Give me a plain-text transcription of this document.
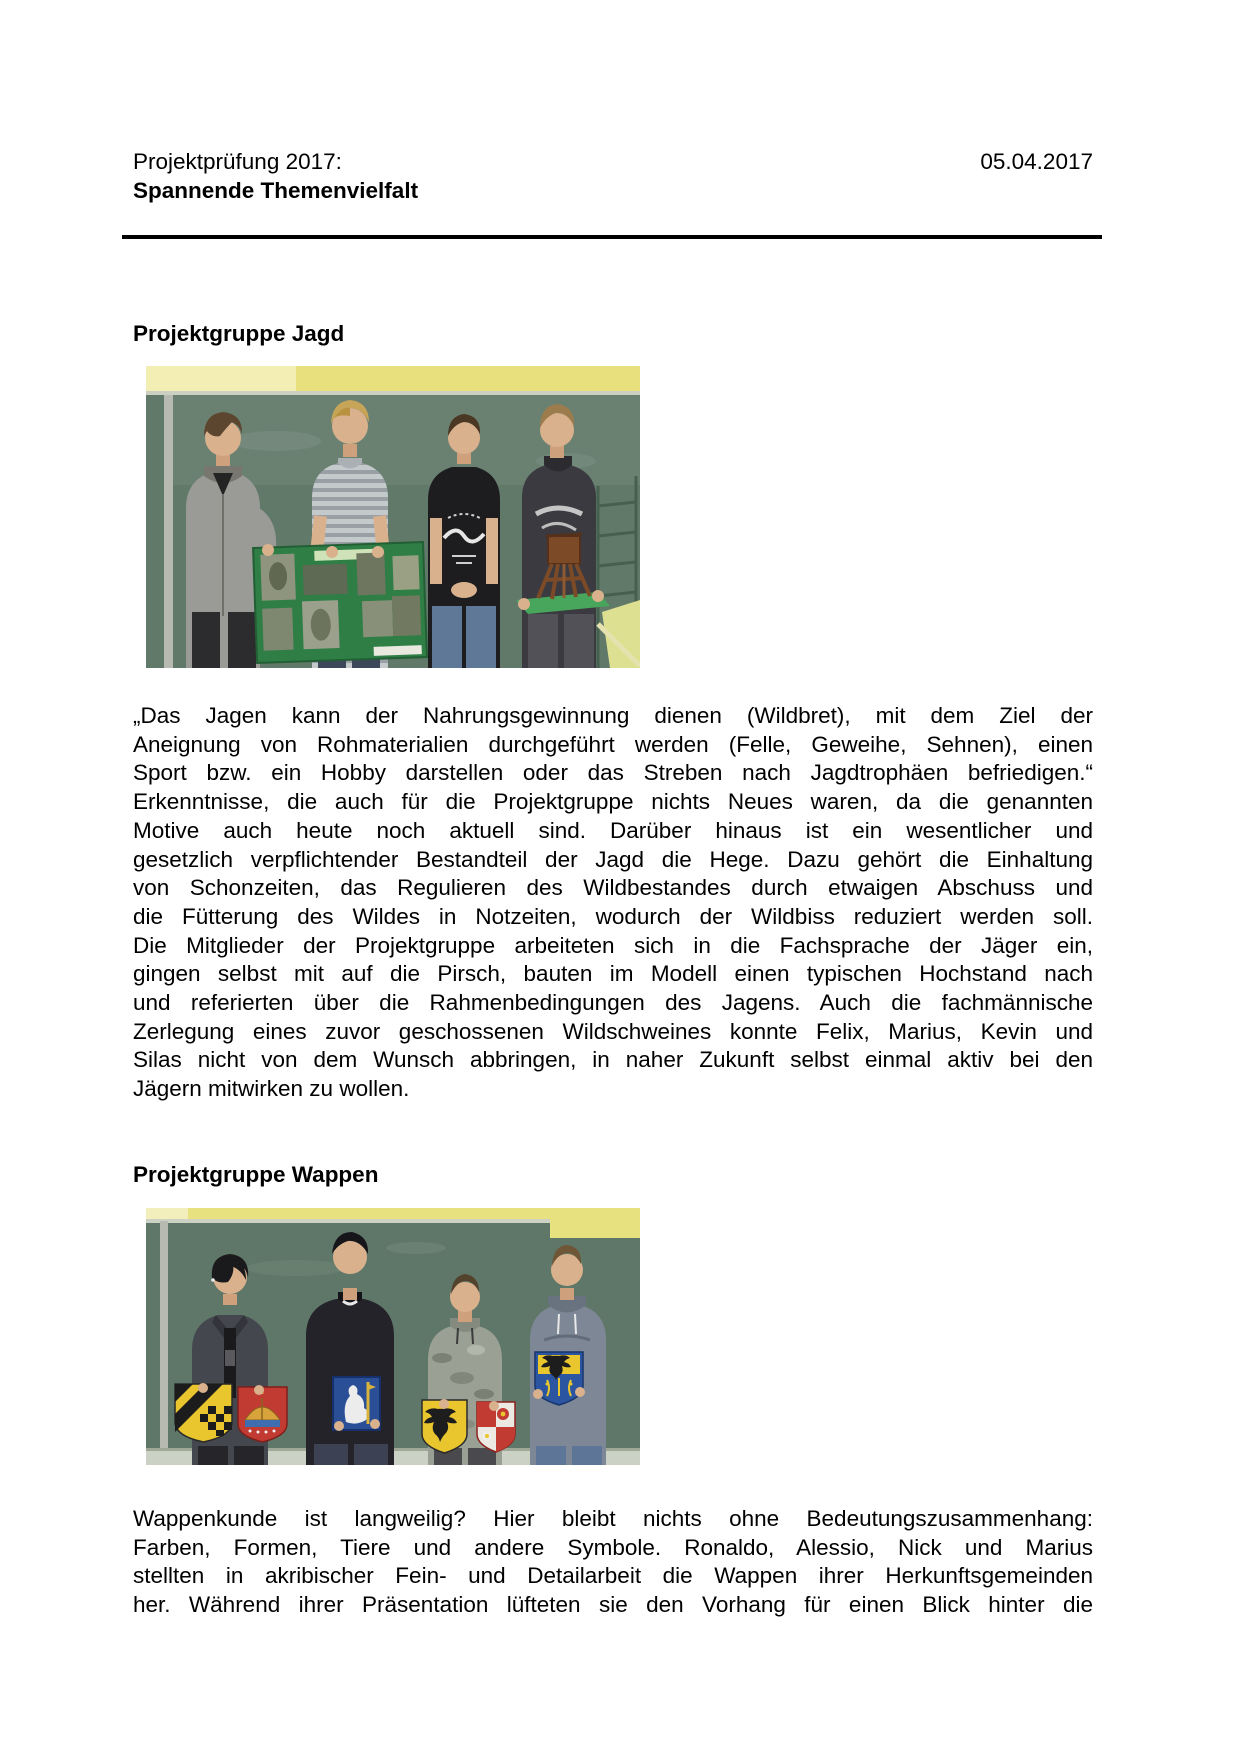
Projektprüfung 2017:	05.04.2017
Spannende Themenvielfalt
Projektgruppe Jagd
„Das Jagen kann der Nahrungsgewinnung dienen (Wildbret), mit dem Ziel der
Aneignung von Rohmaterialien durchgeführt werden (Felle, Geweihe, Sehnen), einen
Sport bzw. ein Hobby darstellen oder das Streben nach Jagdtrophäen befriedigen.“
Erkenntnisse, die auch für die Projektgruppe nichts Neues waren, da die genannten
Motive auch heute noch aktuell sind. Darüber hinaus ist ein wesentlicher und
gesetzlich verpflichtender Bestandteil der Jagd die Hege. Dazu gehört die Einhaltung
von Schonzeiten, das Regulieren des Wildbestandes durch etwaigen Abschuss und
die Fütterung des Wildes in Notzeiten, wodurch der Wildbiss reduziert werden soll.
Die Mitglieder der Projektgruppe arbeiteten sich in die Fachsprache der Jäger ein,
gingen selbst mit auf die Pirsch, bauten im Modell einen typischen Hochstand nach
und referierten über die Rahmenbedingungen des Jagens. Auch die fachmännische
Zerlegung eines zuvor geschossenen Wildschweines konnte Felix, Marius, Kevin und
Silas nicht von dem Wunsch abbringen, in naher Zukunft selbst einmal aktiv bei den
Jägern mitwirken zu wollen.
Projektgruppe Wappen
Wappenkunde ist langweilig? Hier bleibt nichts ohne Bedeutungszusammenhang:
Farben, Formen, Tiere und andere Symbole. Ronaldo, Alessio, Nick und Marius
stellten in akribischer Fein- und Detailarbeit die Wappen ihrer Herkunftsgemeinden
her. Während ihrer Präsentation lüfteten sie den Vorhang für einen Blick hinter die
